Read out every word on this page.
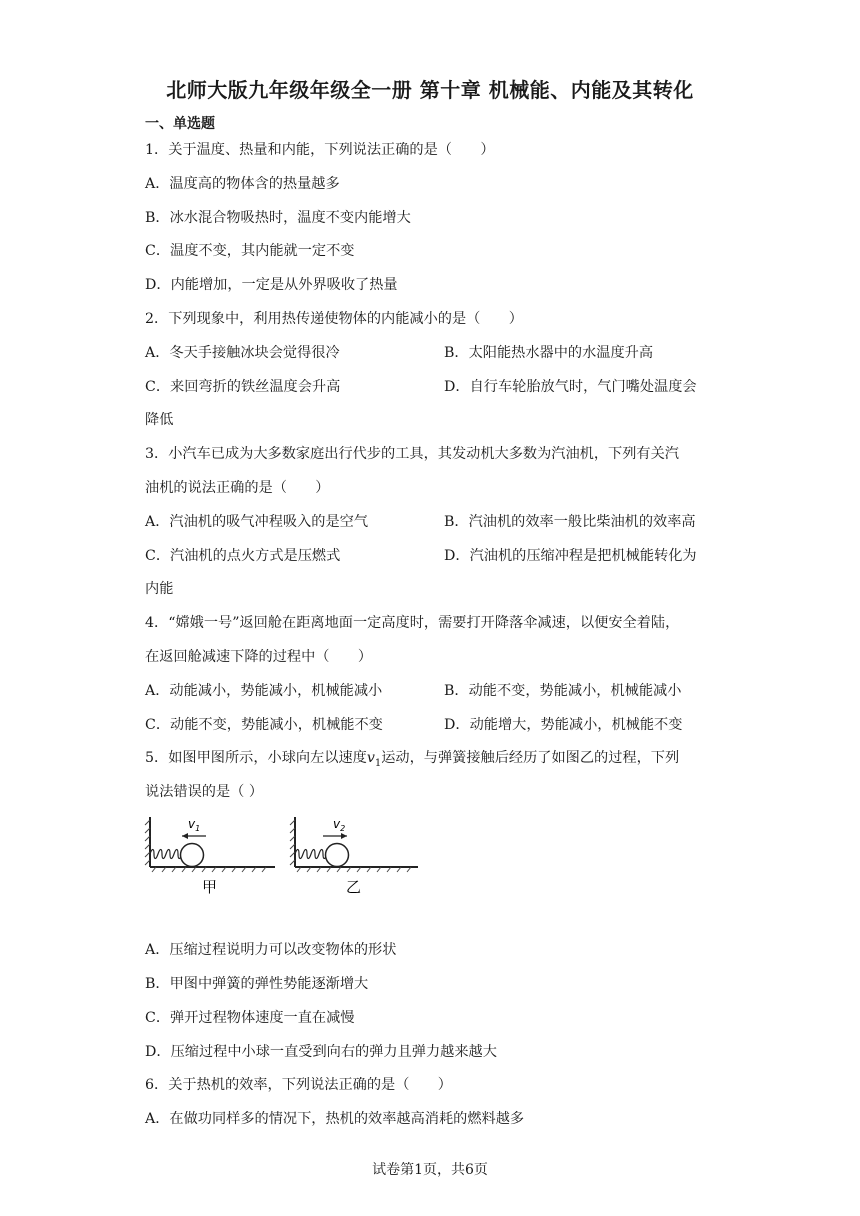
北师大版九年级年级全一册 第十章 机械能、内能及其转化
一、单选题
1．关于温度、热量和内能，下列说法正确的是（　　）
A．温度高的物体含的热量越多
B．冰水混合物吸热时，温度不变内能增大
C．温度不变，其内能就一定不变
D．内能增加，一定是从外界吸收了热量
2．下列现象中，利用热传递使物体的内能减小的是（　　）
A．冬天手接触冰块会觉得很冷	B．太阳能热水器中的水温度升高
C．来回弯折的铁丝温度会升高	D．自行车轮胎放气时，气门嘴处温度会
降低
3．小汽车已成为大多数家庭出行代步的工具，其发动机大多数为汽油机，下列有关汽
油机的说法正确的是（　　）
A．汽油机的吸气冲程吸入的是空气	B．汽油机的效率一般比柴油机的效率高
C．汽油机的点火方式是压燃式	D．汽油机的压缩冲程是把机械能转化为
内能
4．“嫦娥一号”返回舱在距离地面一定高度时，需要打开降落伞减速，以便安全着陆，
在返回舱减速下降的过程中（　　）
A．动能减小，势能减小，机械能减小	B．动能不变，势能减小，机械能减小
C．动能不变，势能减小，机械能不变	D．动能增大，势能减小，机械能不变
5．如图甲图所示，小球向左以速度$v_1$运动，与弹簧接触后经历了如图乙的过程，下列
说法错误的是（ ）
$v_1$
甲
$v_2$
乙
A．压缩过程说明力可以改变物体的形状
B．甲图中弹簧的弹性势能逐渐增大
C．弹开过程物体速度一直在减慢
D．压缩过程中小球一直受到向右的弹力且弹力越来越大
6．关于热机的效率，下列说法正确的是（　　）
A．在做功同样多的情况下，热机的效率越高消耗的燃料越多
试卷第1页，共6页
